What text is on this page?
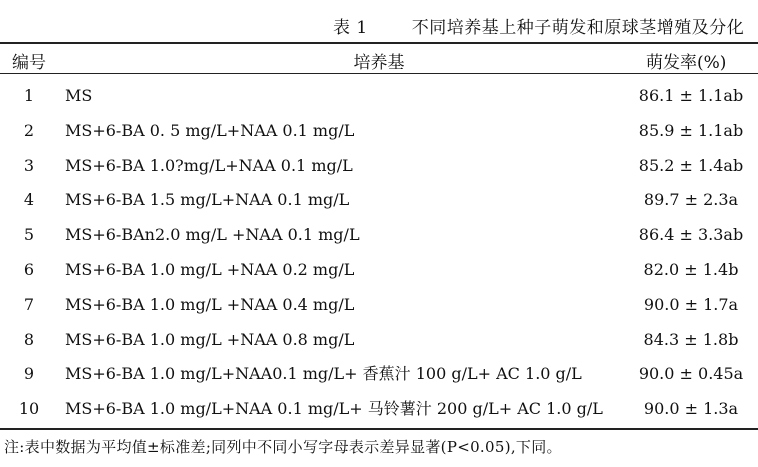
表 1	不同培养基上种子萌发和原球茎增殖及分化
编号	培养基	萌发率(%)
1	MS	86.1 ± 1.1ab
2	MS+6-BA 0. 5 mg/L+NAA 0.1 mg/L	85.9 ± 1.1ab
3	MS+6-BA 1.0?mg/L+NAA 0.1 mg/L	85.2 ± 1.4ab
4	MS+6-BA 1.5 mg/L+NAA 0.1 mg/L	89.7 ± 2.3a
5	MS+6-BAn2.0 mg/L +NAA 0.1 mg/L	86.4 ± 3.3ab
6	MS+6-BA 1.0 mg/L +NAA 0.2 mg/L	82.0 ± 1.4b
7	MS+6-BA 1.0 mg/L +NAA 0.4 mg/L	90.0 ± 1.7a
8	MS+6-BA 1.0 mg/L +NAA 0.8 mg/L	84.3 ± 1.8b
9	MS+6-BA 1.0 mg/L+NAA0.1 mg/L+ 香蕉汁 100 g/L+ AC 1.0 g/L	90.0 ± 0.45a
10	MS+6-BA 1.0 mg/L+NAA 0.1 mg/L+ 马铃薯汁 200 g/L+ AC 1.0 g/L	90.0 ± 1.3a
注:表中数据为平均值±标准差;同列中不同小写字母表示差异显著(P<0.05),下同。
